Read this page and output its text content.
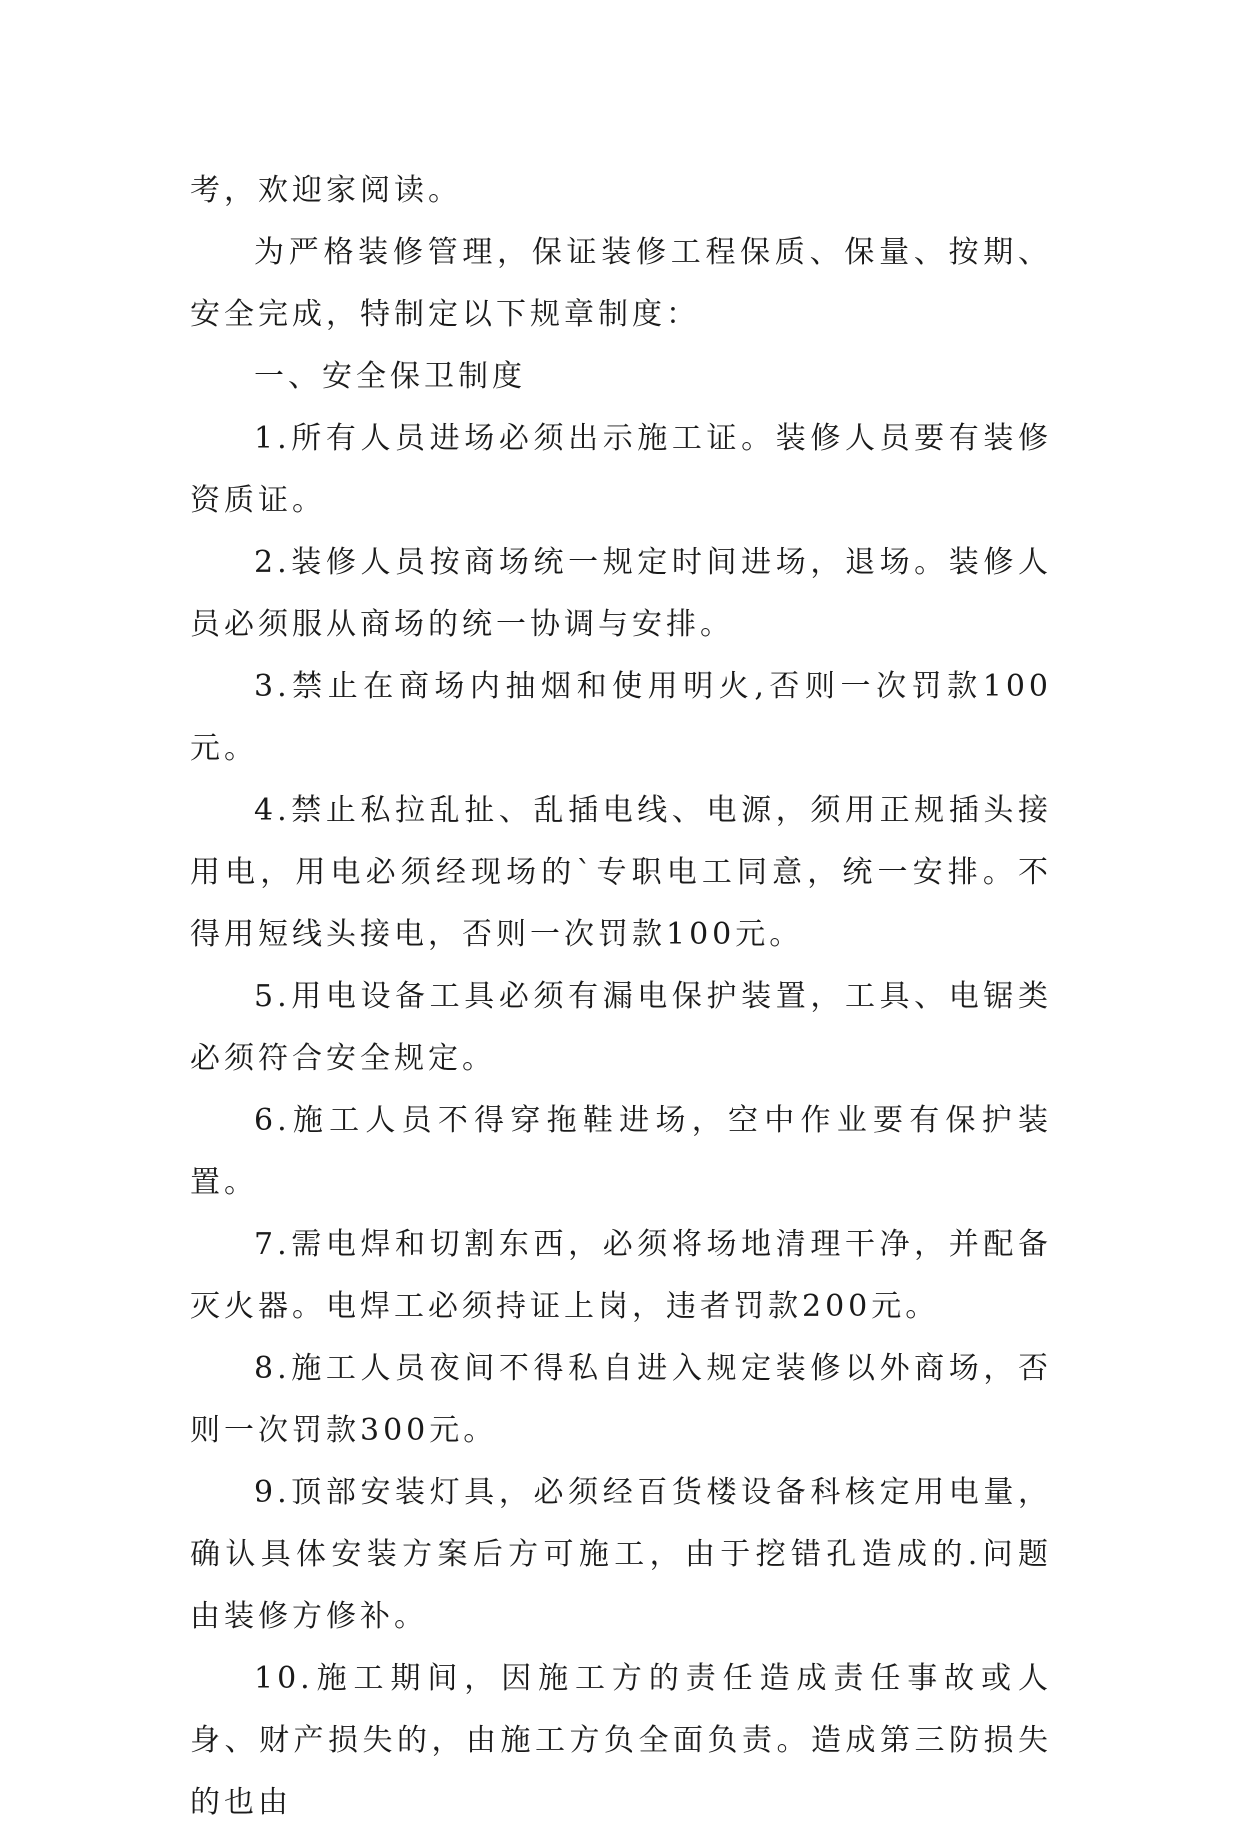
考，欢迎家阅读。

为严格装修管理，保证装修工程保质、保量、按期、安全完成，特制定以下规章制度：

一、安全保卫制度

1.所有人员进场必须出示施工证。装修人员要有装修资质证。

2.装修人员按商场统一规定时间进场，退场。装修人员必须服从商场的统一协调与安排。

3.禁止在商场内抽烟和使用明火,否则一次罚款100元。

4.禁止私拉乱扯、乱插电线、电源，须用正规插头接用电，用电必须经现场的`专职电工同意，统一安排。不得用短线头接电，否则一次罚款100元。

5.用电设备工具必须有漏电保护装置，工具、电锯类必须符合安全规定。

6.施工人员不得穿拖鞋进场，空中作业要有保护装置。

7.需电焊和切割东西，必须将场地清理干净，并配备灭火器。电焊工必须持证上岗，违者罚款200元。

8.施工人员夜间不得私自进入规定装修以外商场，否则一次罚款300元。

9.顶部安装灯具，必须经百货楼设备科核定用电量，确认具体安装方案后方可施工，由于挖错孔造成的.问题由装修方修补。

10.施工期间，因施工方的责任造成责任事故或人身、财产损失的，由施工方负全面负责。造成第三防损失的也由
